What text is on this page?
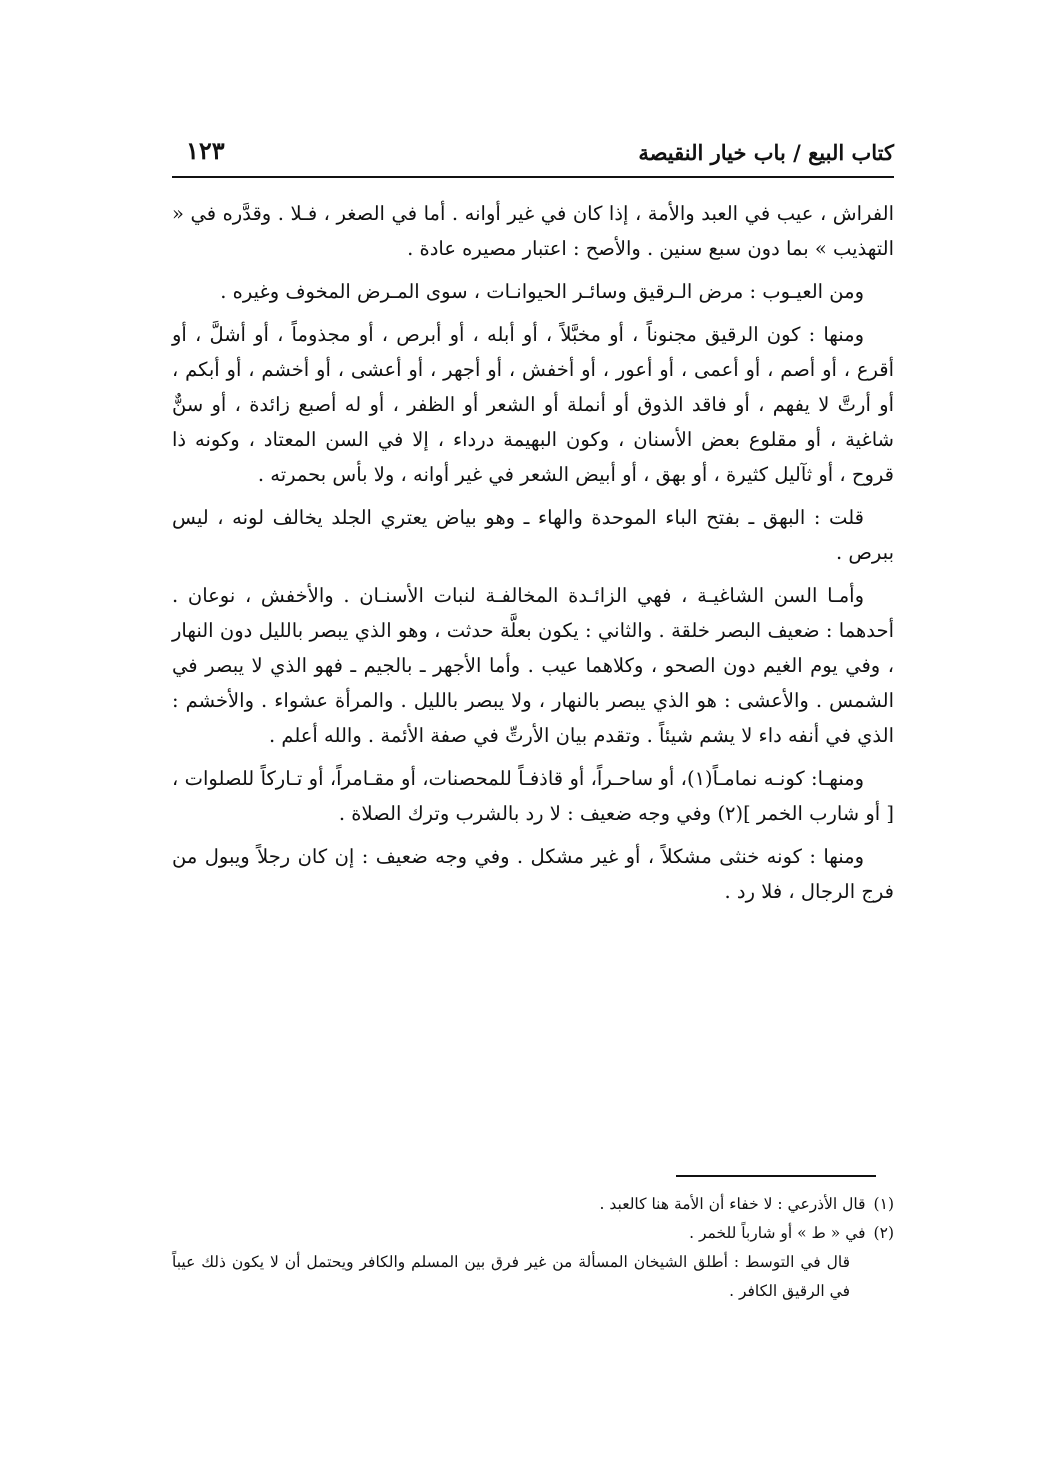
كتاب البيع / باب خيار النقيصة
١٢٣

الفراش ، عيب في العبد والأمة ، إذا كان في غير أوانه . أما في الصغر ، فـلا . وقدَّره في « التهذيب » بما دون سبع سنين . والأصح : اعتبار مصيره عادة .

ومن العيـوب : مرض الـرقيق وسائـر الحيوانـات ، سوى المـرض المخوف وغيره .

ومنها : كون الرقيق مجنوناً ، أو مخبَّلاً ، أو أبله ، أو أبرص ، أو مجذوماً ، أو أشلَّ ، أو أقرع ، أو أصم ، أو أعمى ، أو أعور ، أو أخفش ، أو أجهر ، أو أعشى ، أو أخشم ، أو أبكم ، أو أرتَّ لا يفهم ، أو فاقد الذوق أو أنملة أو الشعر أو الظفر ، أو له أصبع زائدة ، أو سنٌّ شاغية ، أو مقلوع بعض الأسنان ، وكون البهيمة درداء ، إلا في السن المعتاد ، وكونه ذا قروح ، أو ثآليل كثيرة ، أو بهق ، أو أبيض الشعر في غير أوانه ، ولا بأس بحمرته .

قلت : البهق ـ بفتح الباء الموحدة والهاء ـ وهو بياض يعتري الجلد يخالف لونه ، ليس ببرص .

وأمـا السن الشاغيـة ، فهي الزائـدة المخالفـة لنبات الأسنـان . والأخفش ، نوعان . أحدهما : ضعيف البصر خلقة . والثاني : يكون بعلَّة حدثت ، وهو الذي يبصر بالليل دون النهار ، وفي يوم الغيم دون الصحو ، وكلاهما عيب . وأما الأجهر ـ بالجيم ـ فهو الذي لا يبصر في الشمس . والأعشى : هو الذي يبصر بالنهار ، ولا يبصر بالليل . والمرأة عشواء . والأخشم : الذي في أنفه داء لا يشم شيئاً . وتقدم بيان الأرتِّ في صفة الأئمة . والله أعلم .

ومنهـا: كونـه نمامـاً(١)، أو ساحـراً، أو قاذفـاً للمحصنات، أو مقـامراً، أو تـاركاً للصلوات ، [ أو شارب الخمر ](٢) وفي وجه ضعيف : لا رد بالشرب وترك الصلاة .

ومنها : كونه خنثى مشكلاً ، أو غير مشكل . وفي وجه ضعيف : إن كان رجلاً ويبول من فرج الرجال ، فلا رد .

(١)قال الأذرعي : لا خفاء أن الأمة هنا كالعبد .

(٢)في « ط » أو شارباً للخمر .

قال في التوسط : أطلق الشيخان المسألة من غير فرق بين المسلم والكافر ويحتمل أن لا يكون ذلك عيباً في الرقيق الكافر .
